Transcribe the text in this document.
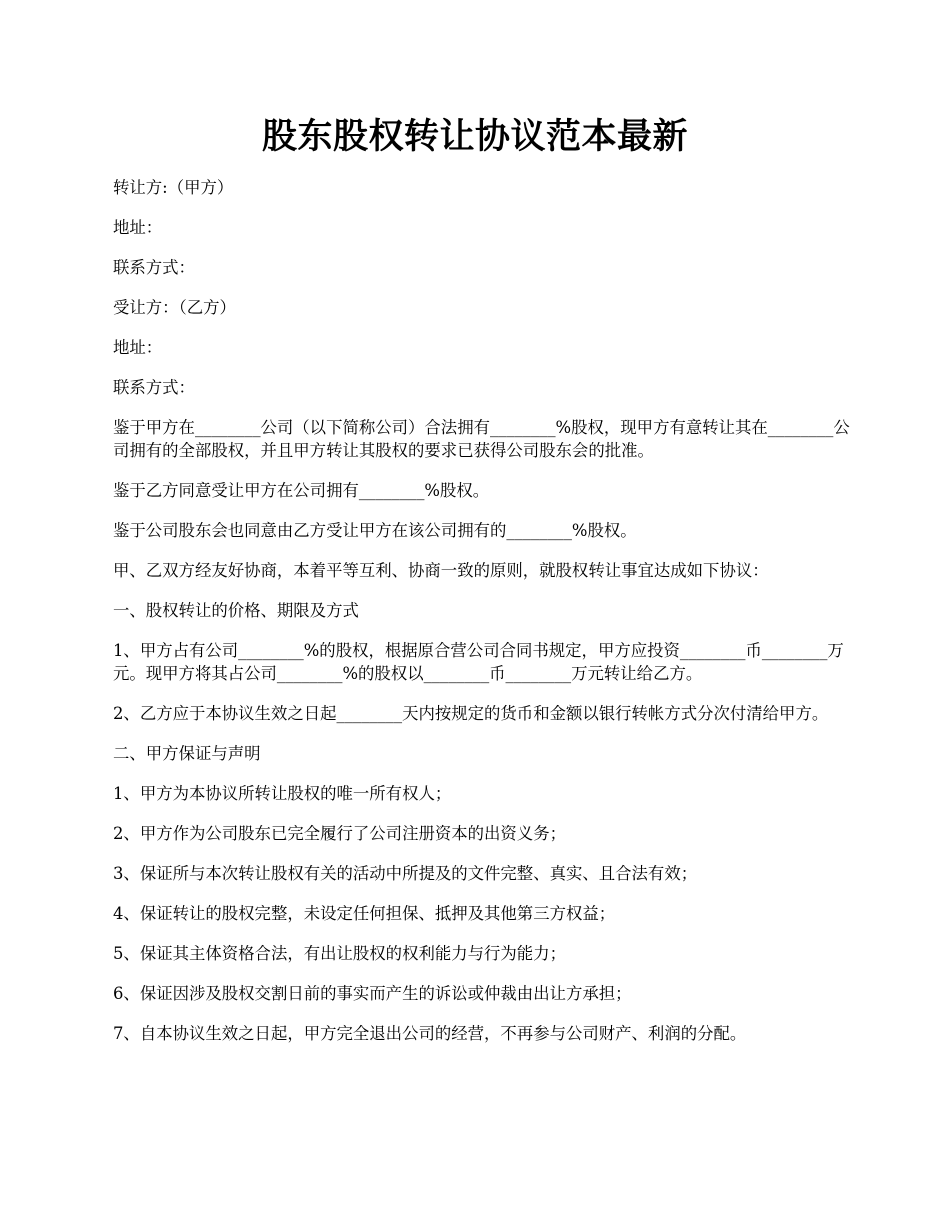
股东股权转让协议范本最新

转让方:（甲方）

地址：

联系方式：

受让方：（乙方）

地址：

联系方式：

鉴于甲方在________公司（以下简称公司）合法拥有________%股权，现甲方有意转让其在________公司拥有的全部股权，并且甲方转让其股权的要求已获得公司股东会的批准。

鉴于乙方同意受让甲方在公司拥有________%股权。

鉴于公司股东会也同意由乙方受让甲方在该公司拥有的________%股权。

甲、乙双方经友好协商，本着平等互利、协商一致的原则，就股权转让事宜达成如下协议：

一、股权转让的价格、期限及方式

1、甲方占有公司________%的股权，根据原合营公司合同书规定，甲方应投资________币________万元。现甲方将其占公司________%的股权以________币________万元转让给乙方。

2、乙方应于本协议生效之日起________天内按规定的货币和金额以银行转帐方式分次付清给甲方。

二、甲方保证与声明

1、甲方为本协议所转让股权的唯一所有权人；

2、甲方作为公司股东已完全履行了公司注册资本的出资义务；

3、保证所与本次转让股权有关的活动中所提及的文件完整、真实、且合法有效；

4、保证转让的股权完整，未设定任何担保、抵押及其他第三方权益；

5、保证其主体资格合法，有出让股权的权利能力与行为能力；

6、保证因涉及股权交割日前的事实而产生的诉讼或仲裁由出让方承担；

7、自本协议生效之日起，甲方完全退出公司的经营，不再参与公司财产、利润的分配。
